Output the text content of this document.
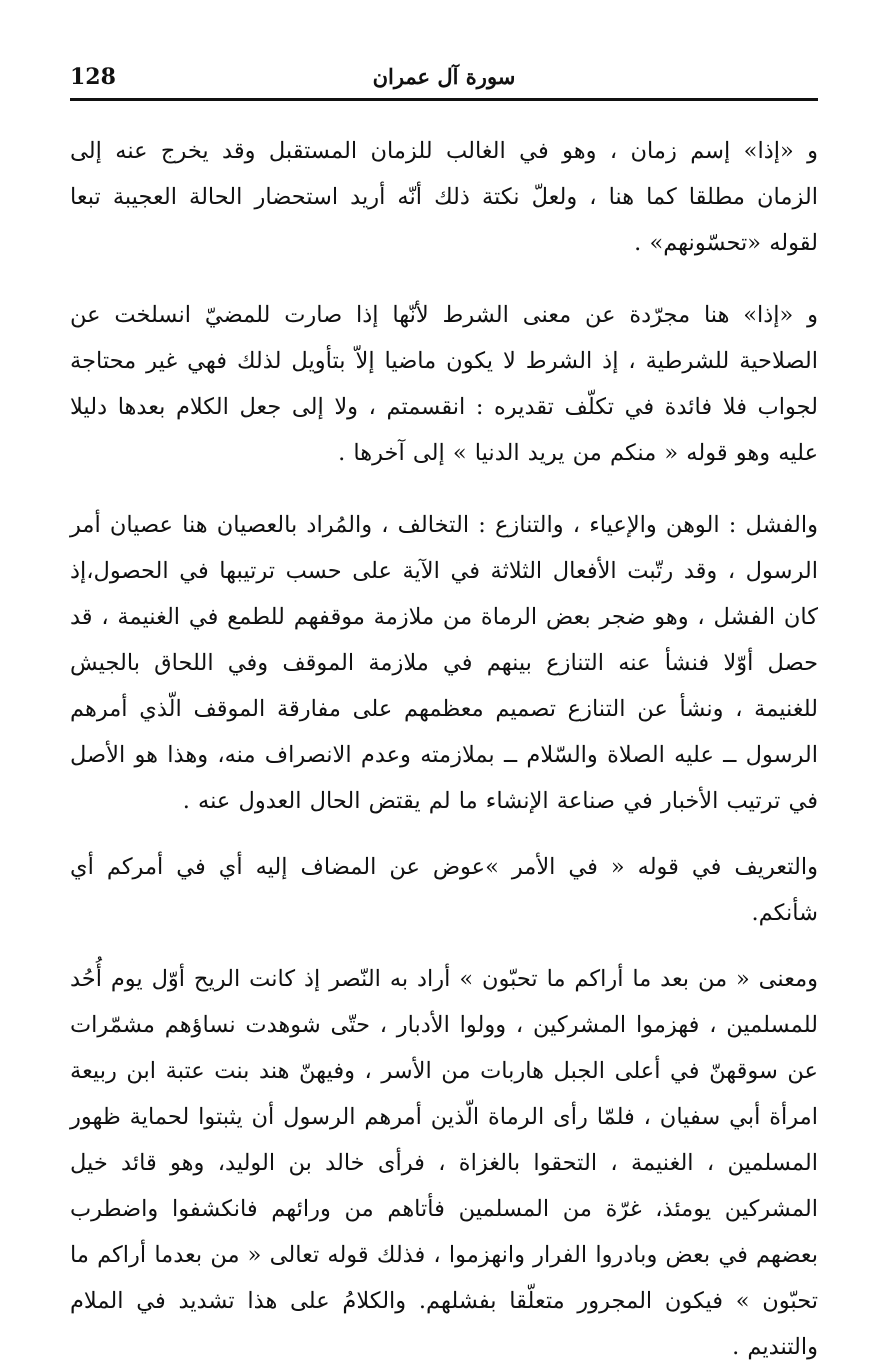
128	سورة آل عمران

و «إذا» إسم زمان ، وهو في الغالب للزمان المستقبل وقد يخرج عنه إلى الزمان مطلقا كما هنا ، ولعلّ نكتة ذلك أنّه أريد استحضار الحالة العجيبة تبعا لقوله «تحسّونهم» .

و «إذا» هنا مجرّدة عن معنى الشرط لأنّها إذا صارت للمضيّ انسلخت عن الصلاحية للشرطية ، إذ الشرط لا يكون ماضيا إلاّ بتأويل لذلك فهي غير محتاجة لجواب فلا فائدة في تكلّف تقديره : انقسمتم ، ولا إلى جعل الكلام بعدها دليلا عليه وهو قوله « منكم من يريد الدنيا » إلى آخرها .

والفشل : الوهن والإعياء ، والتنازع : التخالف ، والمُراد بالعصيان هنا عصيان أمر الرسول ، وقد رتّبت الأفعال الثلاثة في الآية على حسب ترتيبها في الحصول،إذ كان الفشل ، وهو ضجر بعض الرماة من ملازمة موقفهم للطمع في الغنيمة ، قد حصل أوّلا فنشأ عنه التنازع بينهم في ملازمة الموقف وفي اللحاق بالجيش للغنيمة ، ونشأ عن التنازع تصميم معظمهم على مفارقة الموقف الّذي أمرهم الرسول ــ عليه الصلاة والسّلام ــ بملازمته وعدم الانصراف منه، وهذا هو الأصل في ترتيب الأخبار في صناعة الإنشاء ما لم يقتض الحال العدول عنه .

والتعريف في قوله « في الأمر »عوض عن المضاف إليه أي في أمركم أي شأنكم.

ومعنى « من بعد ما أراكم ما تحبّون » أراد به النّصر إذ كانت الريح أوّل يوم أُحُد للمسلمين ، فهزموا المشركين ، وولوا الأدبار ، حتّى شوهدت نساؤهم مشمّرات عن سوقهنّ في أعلى الجبل هاربات من الأسر ، وفيهنّ هند بنت عتبة ابن ربيعة امرأة أبي سفيان ، فلمّا رأى الرماة الّذين أمرهم الرسول أن يثبتوا لحماية ظهور المسلمين ، الغنيمة ، التحقوا بالغزاة ، فرأى خالد بن الوليد، وهو قائد خيل المشركين يومئذ، غرّة من المسلمين فأتاهم من ورائهم فانكشفوا واضطرب بعضهم في بعض وبادروا الفرار وانهزموا ، فذلك قوله تعالى « من بعدما أراكم ما تحبّون » فيكون المجرور متعلّقا بفشلهم. والكلامُ على هذا تشديد في الملام والتنديم .
